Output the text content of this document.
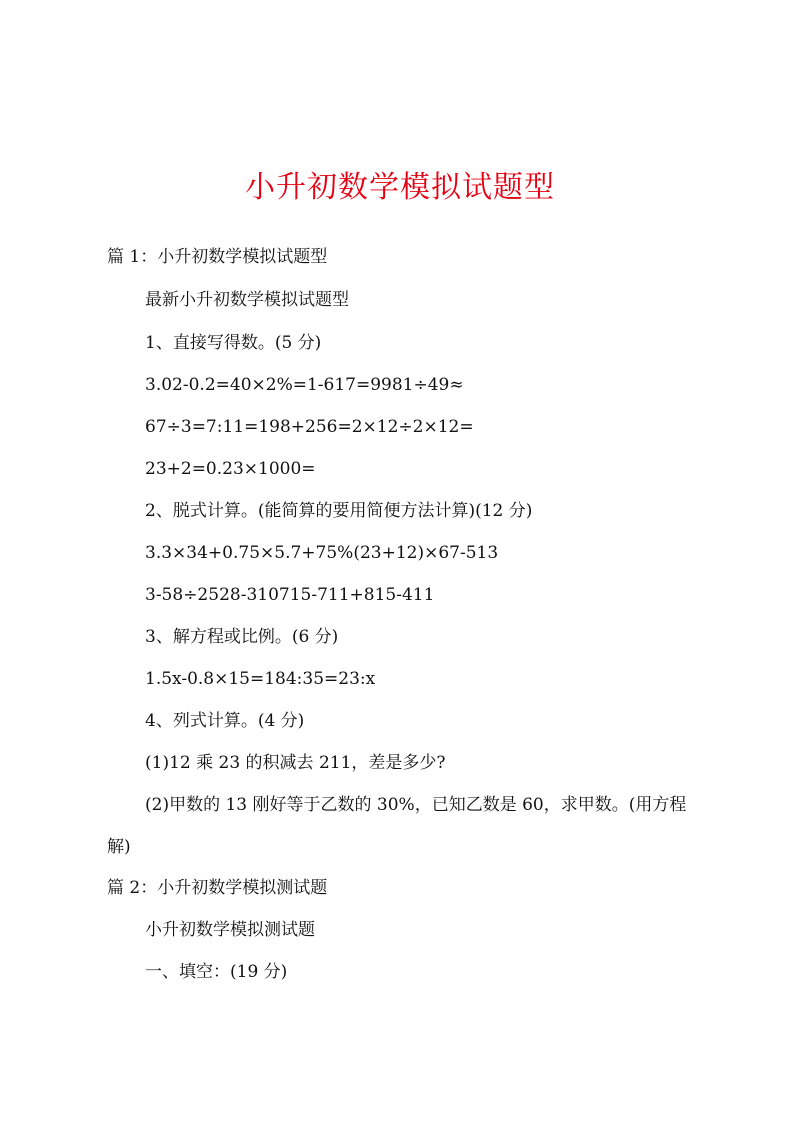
小升初数学模拟试题型
篇 1：小升初数学模拟试题型
最新小升初数学模拟试题型
1、直接写得数。(5 分)
3.02-0.2=40×2%=1-617=9981÷49≈
67÷3=7:11=198+256=2×12÷2×12=
23+2=0.23×1000=
2、脱式计算。(能简算的要用简便方法计算)(12 分)
3.3×34+0.75×5.7+75%(23+12)×67-513
3-58÷2528-310715-711+815-411
3、解方程或比例。(6 分)
1.5x-0.8×15=184:35=23:x
4、列式计算。(4 分)
(1)12 乘 23 的积减去 211，差是多少?
(2)甲数的 13 刚好等于乙数的 30%，已知乙数是 60，求甲数。(用方程解)
篇 2：小升初数学模拟测试题
小升初数学模拟测试题
一、填空：(19 分)
